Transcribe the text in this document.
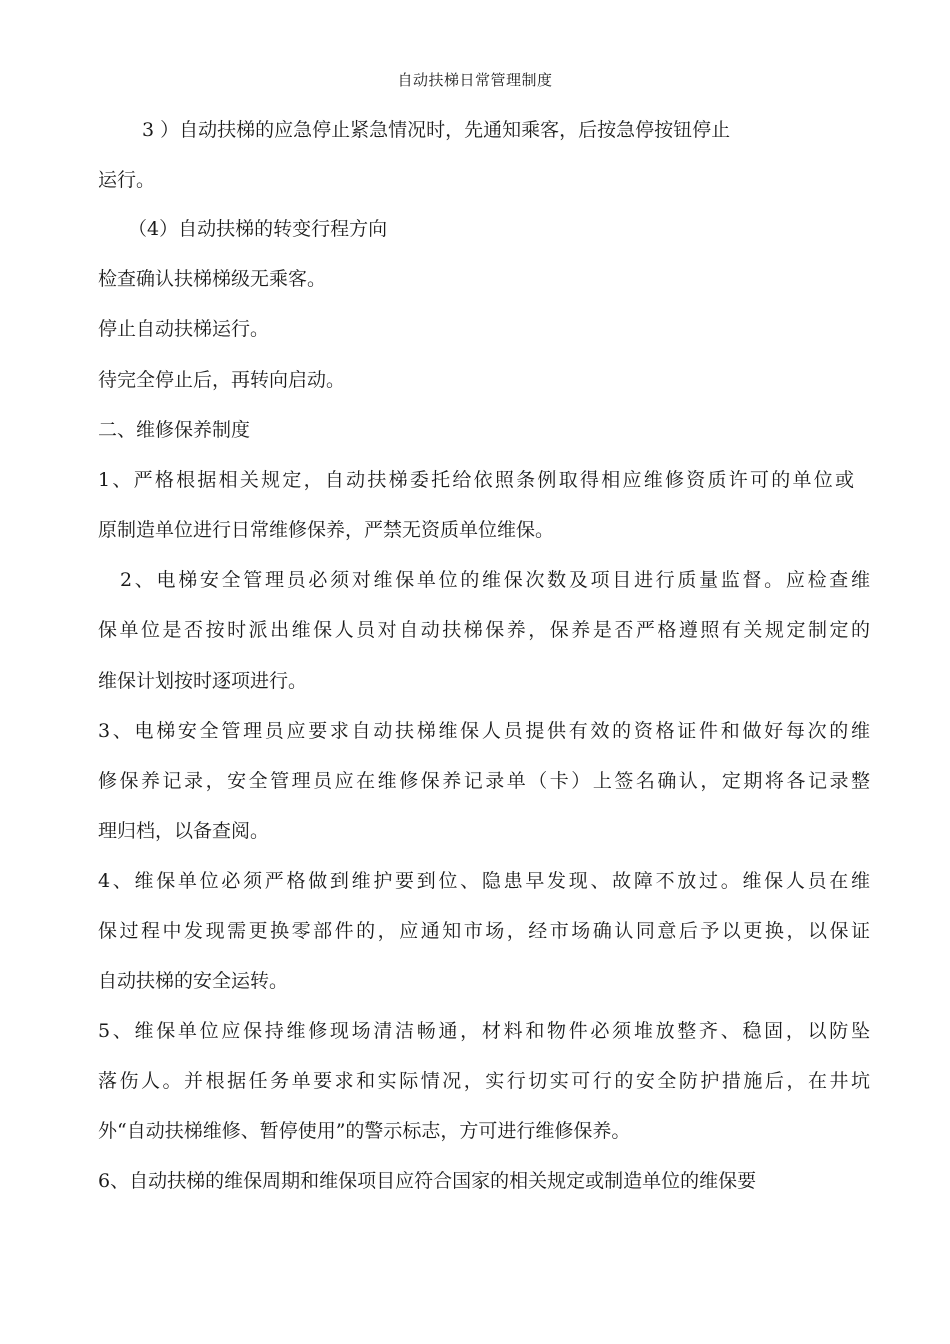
自动扶梯日常管理制度
3 ）自动扶梯的应急停止紧急情况时，先通知乘客，后按急停按钮停止
运行。
（4）自动扶梯的转变行程方向
检查确认扶梯梯级无乘客。
停止自动扶梯运行。
待完全停止后，再转向启动。
二、维修保养制度
1、严格根据相关规定，自动扶梯委托给依照条例取得相应维修资质许可的单位或
原制造单位进行日常维修保养，严禁无资质单位维保。
2、电梯安全管理员必须对维保单位的维保次数及项目进行质量监督。应检查维
保单位是否按时派出维保人员对自动扶梯保养，保养是否严格遵照有关规定制定的
维保计划按时逐项进行。
3、电梯安全管理员应要求自动扶梯维保人员提供有效的资格证件和做好每次的维
修保养记录，安全管理员应在维修保养记录单（卡）上签名确认，定期将各记录整
理归档，以备查阅。
4、维保单位必须严格做到维护要到位、隐患早发现、故障不放过。维保人员在维
保过程中发现需更换零部件的，应通知市场，经市场确认同意后予以更换，以保证
自动扶梯的安全运转。
5、维保单位应保持维修现场清洁畅通，材料和物件必须堆放整齐、稳固，以防坠
落伤人。并根据任务单要求和实际情况，实行切实可行的安全防护措施后，在井坑
外“自动扶梯维修、暂停使用”的警示标志，方可进行维修保养。
6、自动扶梯的维保周期和维保项目应符合国家的相关规定或制造单位的维保要
